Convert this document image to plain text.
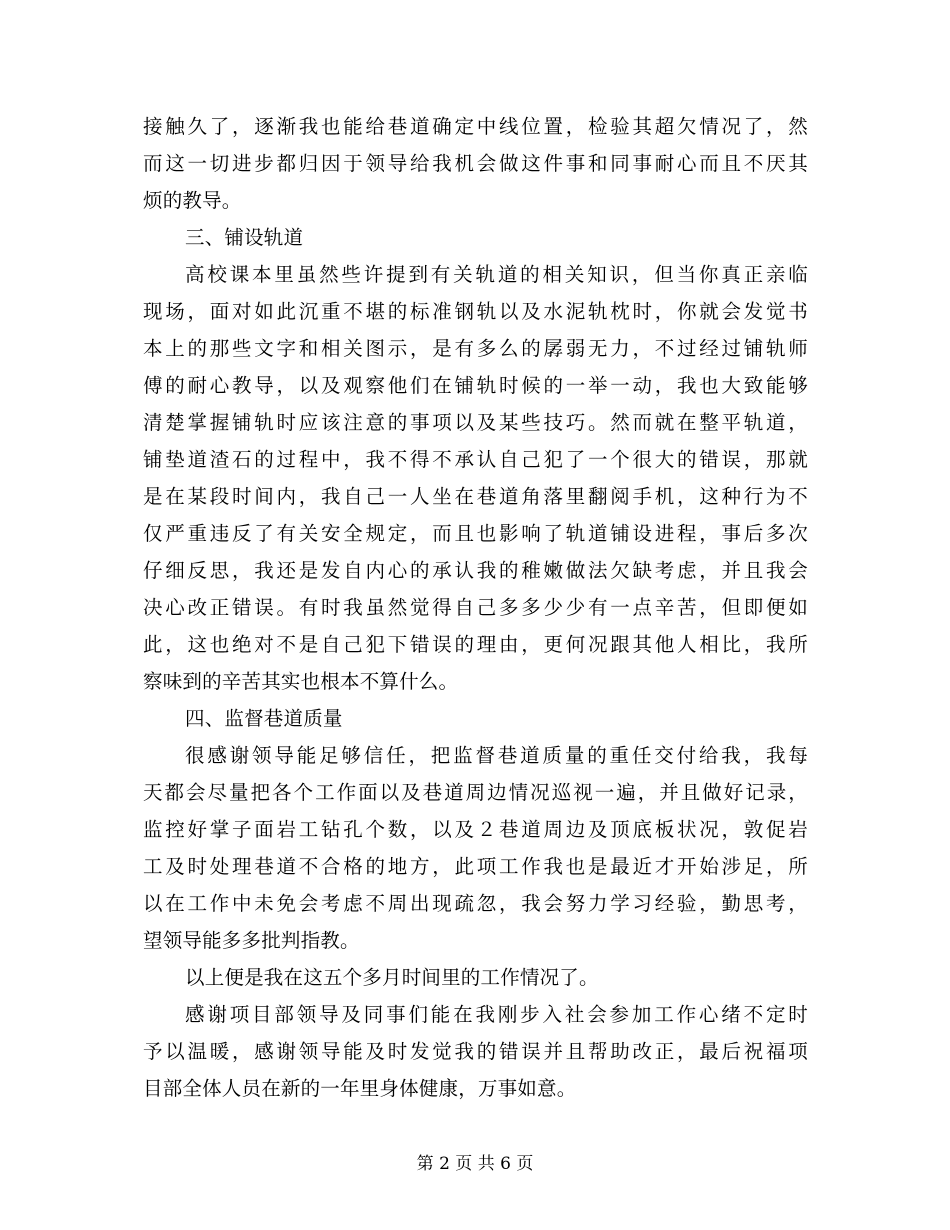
接触久了，逐渐我也能给巷道确定中线位置，检验其超欠情况了，然
而这一切进步都归因于领导给我机会做这件事和同事耐心而且不厌其
烦的教导。
三、铺设轨道
高校课本里虽然些许提到有关轨道的相关知识，但当你真正亲临
现场，面对如此沉重不堪的标准钢轨以及水泥轨枕时，你就会发觉书
本上的那些文字和相关图示，是有多么的孱弱无力，不过经过铺轨师
傅的耐心教导，以及观察他们在铺轨时候的一举一动，我也大致能够
清楚掌握铺轨时应该注意的事项以及某些技巧。然而就在整平轨道，
铺垫道渣石的过程中，我不得不承认自己犯了一个很大的错误，那就
是在某段时间内，我自己一人坐在巷道角落里翻阅手机，这种行为不
仅严重违反了有关安全规定，而且也影响了轨道铺设进程，事后多次
仔细反思，我还是发自内心的承认我的稚嫩做法欠缺考虑，并且我会
决心改正错误。有时我虽然觉得自己多多少少有一点辛苦，但即便如
此，这也绝对不是自己犯下错误的理由，更何况跟其他人相比，我所
察味到的辛苦其实也根本不算什么。
四、监督巷道质量
很感谢领导能足够信任，把监督巷道质量的重任交付给我，我每
天都会尽量把各个工作面以及巷道周边情况巡视一遍，并且做好记录，
监控好掌子面岩工钻孔个数，以及２巷道周边及顶底板状况，敦促岩
工及时处理巷道不合格的地方，此项工作我也是最近才开始涉足，所
以在工作中未免会考虑不周出现疏忽，我会努力学习经验，勤思考，
望领导能多多批判指教。
以上便是我在这五个多月时间里的工作情况了。
感谢项目部领导及同事们能在我刚步入社会参加工作心绪不定时
予以温暖，感谢领导能及时发觉我的错误并且帮助改正，最后祝福项
目部全体人员在新的一年里身体健康，万事如意。
第 2 页 共 6 页
